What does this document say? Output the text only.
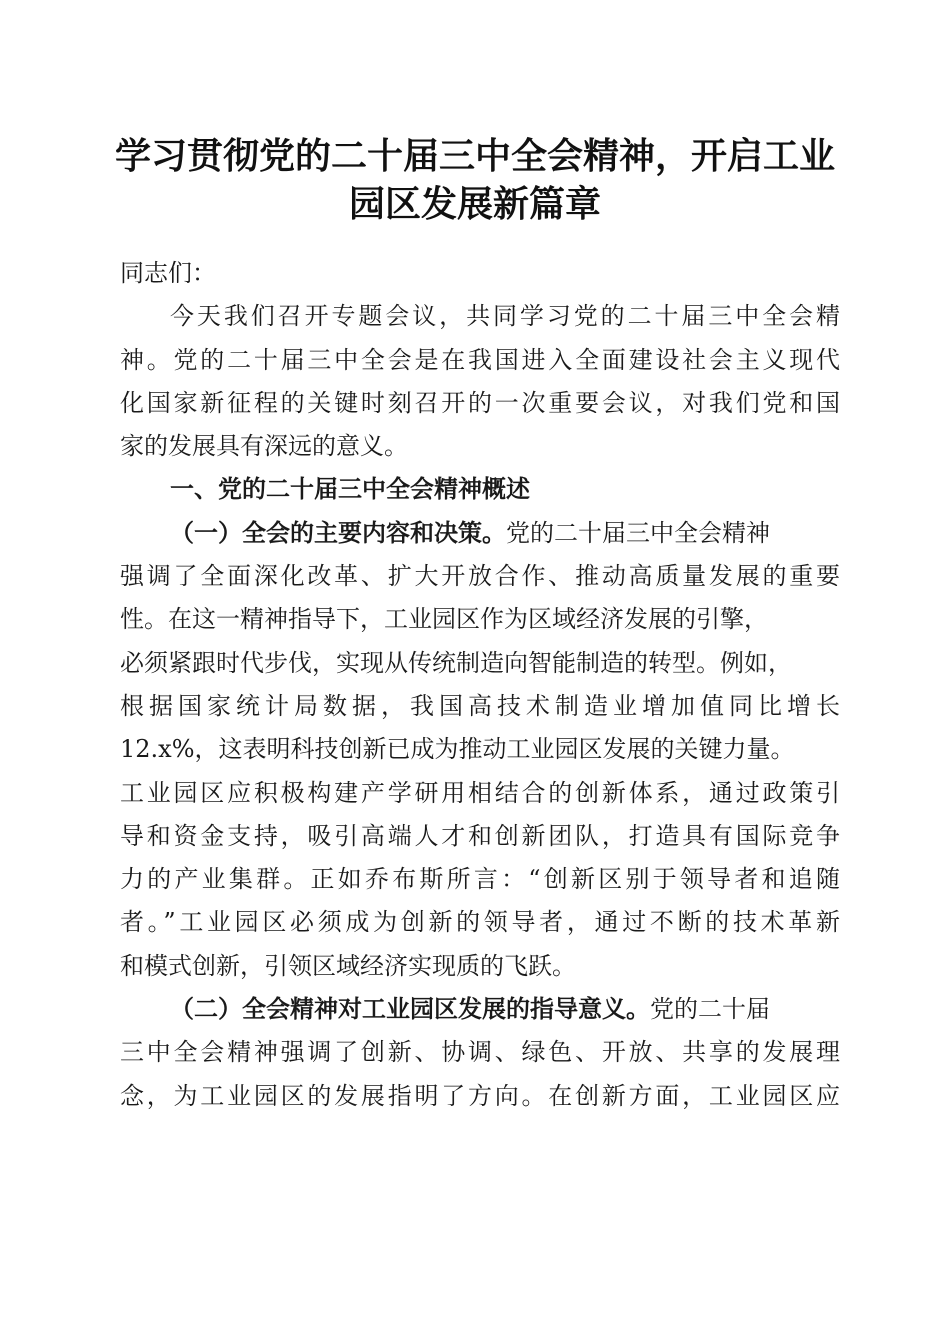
学习贯彻党的二十届三中全会精神，开启工业
园区发展新篇章
同志们：
今天我们召开专题会议，共同学习党的二十届三中全会精
神。党的二十届三中全会是在我国进入全面建设社会主义现代
化国家新征程的关键时刻召开的一次重要会议，对我们党和国
家的发展具有深远的意义。
一、党的二十届三中全会精神概述
（一）全会的主要内容和决策。党的二十届三中全会精神
强调了全面深化改革、扩大开放合作、推动高质量发展的重要
性。在这一精神指导下，工业园区作为区域经济发展的引擎，
必须紧跟时代步伐，实现从传统制造向智能制造的转型。例如，
根据国家统计局数据，我国高技术制造业增加值同比增长
12.x%，这表明科技创新已成为推动工业园区发展的关键力量。
工业园区应积极构建产学研用相结合的创新体系，通过政策引
导和资金支持，吸引高端人才和创新团队，打造具有国际竞争
力的产业集群。正如乔布斯所言：“创新区别于领导者和追随
者。”工业园区必须成为创新的领导者，通过不断的技术革新
和模式创新，引领区域经济实现质的飞跃。
（二）全会精神对工业园区发展的指导意义。党的二十届
三中全会精神强调了创新、协调、绿色、开放、共享的发展理
念，为工业园区的发展指明了方向。在创新方面，工业园区应
